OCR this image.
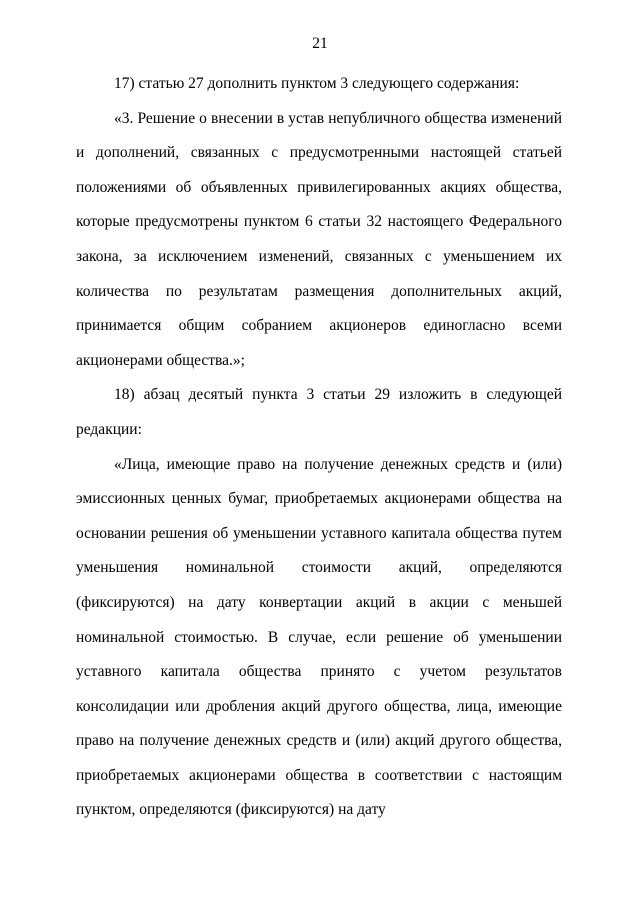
21

17) статью 27 дополнить пунктом 3 следующего содержания:

«3. Решение о внесении в устав непубличного общества изменений и дополнений, связанных с предусмотренными настоящей статьей положениями об объявленных привилегированных акциях общества, которые предусмотрены пунктом 6 статьи 32 настоящего Федерального закона, за исключением изменений, связанных с уменьшением их количества по результатам размещения дополнительных акций, принимается общим собранием акционеров единогласно всеми акционерами общества.»;

18) абзац десятый пункта 3 статьи 29 изложить в следующей редакции:

«Лица, имеющие право на получение денежных средств и (или) эмиссионных ценных бумаг, приобретаемых акционерами общества на основании решения об уменьшении уставного капитала общества путем уменьшения номинальной стоимости акций, определяются (фиксируются) на дату конвертации акций в акции с меньшей номинальной стоимостью. В случае, если решение об уменьшении уставного капитала общества принято с учетом результатов консолидации или дробления акций другого общества, лица, имеющие право на получение денежных средств и (или) акций другого общества, приобретаемых акционерами общества в соответствии с настоящим пунктом, определяются (фиксируются) на дату
